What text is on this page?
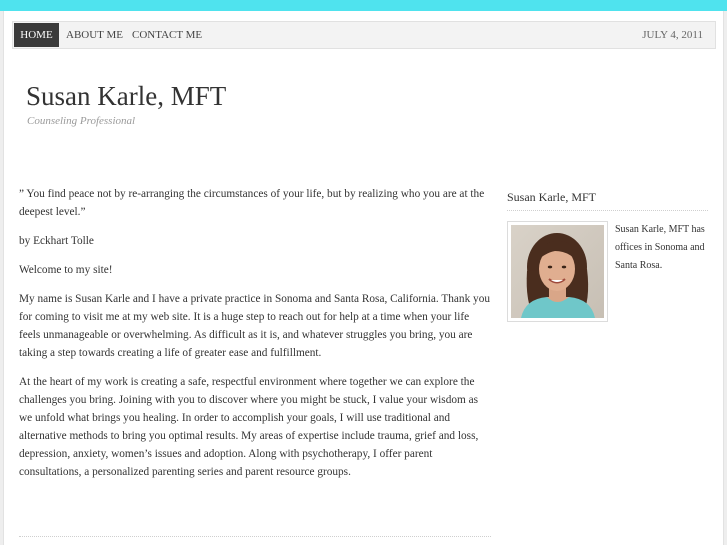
HOME	ABOUT ME CONTACT ME	JULY 4, 2011
Susan Karle, MFT
Counseling Professional

” You find peace not by re-arranging the circumstances of your life, but by realizing who you are at the deepest level.”

by Eckhart Tolle

Welcome to my site!

My name is Susan Karle and I have a private practice in Sonoma and Santa Rosa, California. Thank you for coming to visit me at my web site. It is a huge step to reach out for help at a time when your life feels unmanageable or overwhelming. As difficult as it is, and whatever struggles you bring, you are taking a step towards creating a life of greater ease and fulfillment.

At the heart of my work is creating a safe, respectful environment where together we can explore the challenges you bring. Joining with you to discover where you might be stuck, I value your wisdom as we unfold what brings you healing. In order to accomplish your goals, I will use traditional and alternative methods to bring you optimal results. My areas of expertise include trauma, grief and loss, depression, anxiety, women’s issues and adoption. Along with psychotherapy, I offer parent consultations, a personalized parenting series and parent resource groups.

Susan Karle, MFT
Susan Karle, MFT has offices in Sonoma and Santa Rosa.
